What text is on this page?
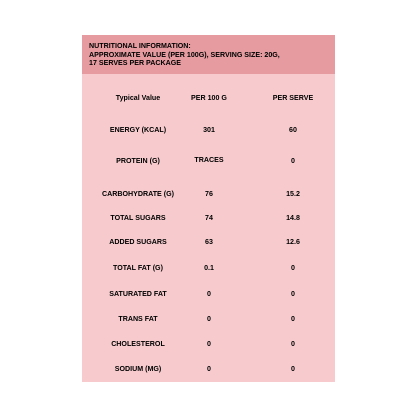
NUTRITIONAL INFORMATION:
APPROXIMATE VALUE (PER 100G), SERVING SIZE: 20G,
17 SERVES PER PACKAGE
Typical Value	PER 100 G	PER SERVE
ENERGY (KCAL)	301	60
PROTEIN (G)	TRACES	0
CARBOHYDRATE (G)	76	15.2
TOTAL SUGARS	74	14.8
ADDED SUGARS	63	12.6
TOTAL FAT (G)	0.1	0
SATURATED FAT	0	0
TRANS FAT	0	0
CHOLESTEROL	0	0
SODIUM (MG)	0	0
